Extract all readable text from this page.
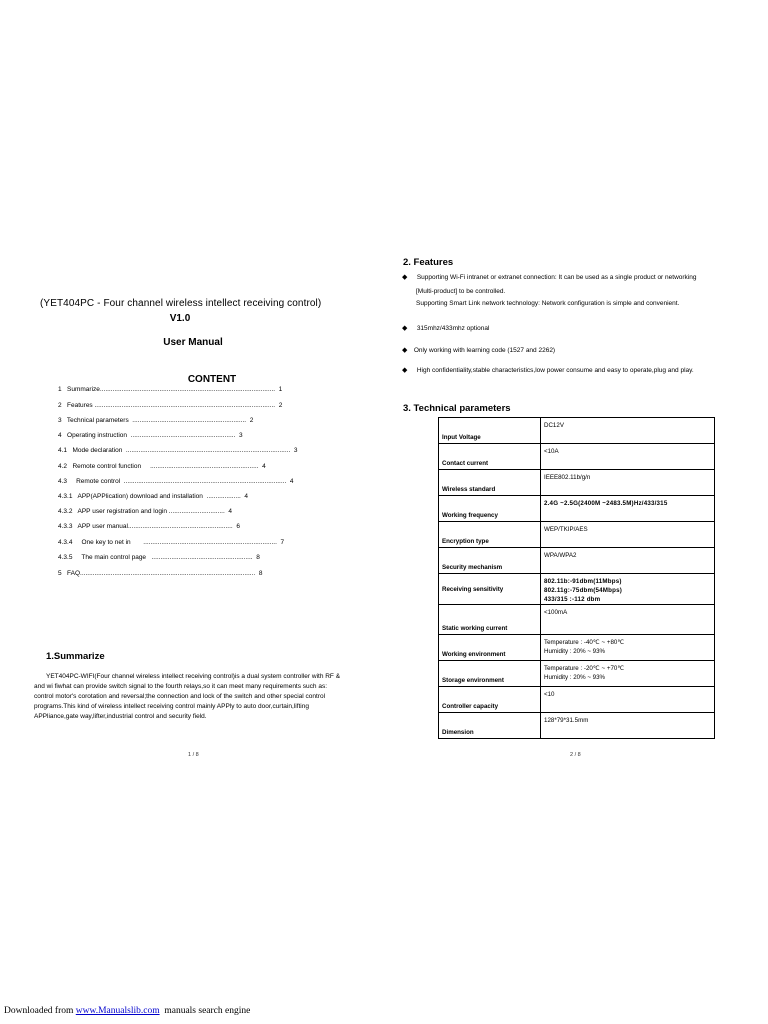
(YET404PC - Four channel wireless intellect receiving control)
V1.0
User Manual
CONTENT
1   Summarize.................................................................................................  1
2   Features ....................................................................................................  2
3   Technical parameters  ...............................................................  2
4   Operating instruction  ..........................................................  3
4.1   Mode declaration  ...........................................................................................  3
4.2   Remote control function     ............................................................  4
4.3     Remote control  ..........................................................................................  4
4.3.1   APP(APPlication) download and installation  ...................  4
4.3.2   APP user registration and login ...............................  4
4.3.3   APP user manual..........................................................  6
4.3.4     One key to net in       ..........................................................................  7
4.3.5     The main control page   ........................................................  8
5   FAQ.................................................................................................  8
1.Summarize
YET404PC-WIFI(Four channel wireless intellect receiving control)is a dual system controller with RF & and wi fiwhat can provide switch signal to the fourth relays,so it can meet many requirements such as: control motor's corotation and reversal;the connection and lock of the switch and other special control programs.This kind of wireless intellect receiving control mainly APPly to auto door,curtain,lifting APPliance,gate way,lifter,industrial control and security field.
1 / 8
2. Features
◆ Supporting Wi-Fi intranet or extranet connection: It can be used as a single product or networking
[Multi-product] to be controlled.
Supporting Smart Link network technology: Network configuration is simple and convenient.
◆ 315mhz/433mhz optional
◆ Only working with learning code (1527 and 2262)
◆ High confidentiality,stable characteristics,low power consume and easy to operate,plug and play.
3. Technical parameters
Input Voltage	DC12V

Contact current	<10A

Wireless standard	IEEE802.11b/g/n

Working frequency	2.4G ~2.5G(2400M ~2483.5M)Hz/433/315

Encryption type	WEP/TKIP/AES

Security mechanism	WPA/WPA2

Receiving sensitivity	802.11b:-91dbm(11Mbps)
802.11g:-75dbm(54Mbps)
433/315 :-112 dbm

Static working current	<100mA

Working environment	Temperature : -40℃ ~ +80℃
Humidity : 20% ~ 93%

Storage environment	Temperature : -20℃ ~ +70℃
Humidity : 20% ~ 93%

Controller capacity	<10

Dimension	128*79*31.5mm
2 / 8
Downloaded from www.Manualslib.com  manuals search engine
